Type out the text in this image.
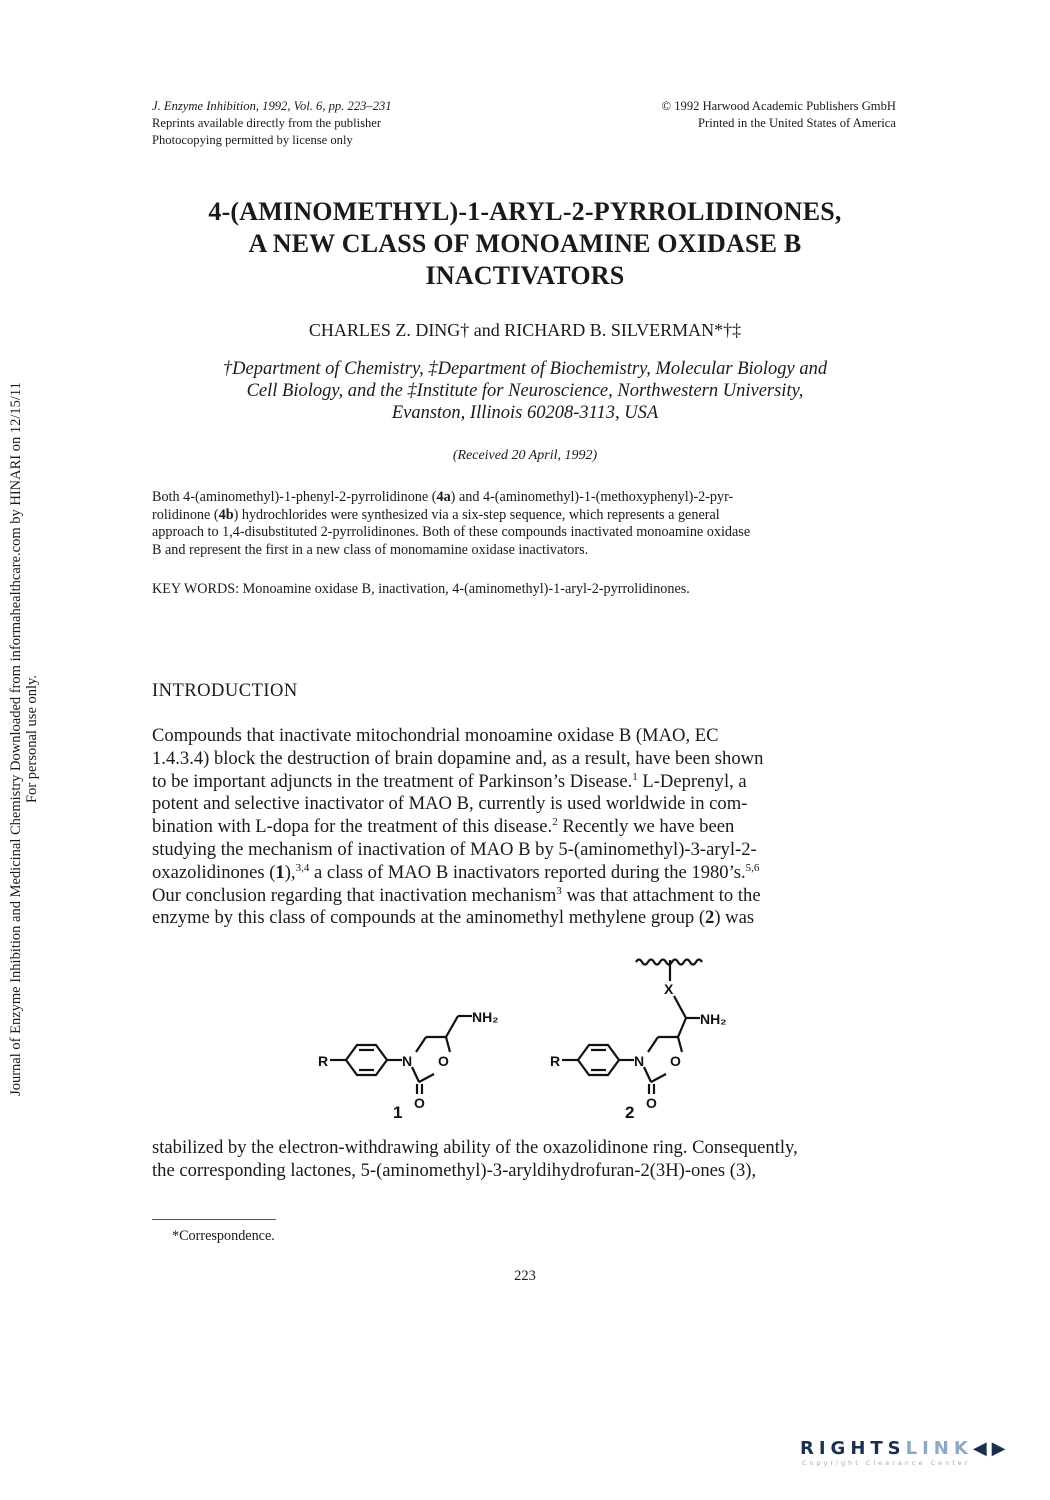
J. Enzyme Inhibition, 1992, Vol. 6, pp. 223–231
Reprints available directly from the publisher
Photocopying permitted by license only
© 1992 Harwood Academic Publishers GmbH
Printed in the United States of America
4-(AMINOMETHYL)-1-ARYL-2-PYRROLIDINONES,
A NEW CLASS OF MONOAMINE OXIDASE B
INACTIVATORS
CHARLES Z. DING† and RICHARD B. SILVERMAN*†‡
†Department of Chemistry, ‡Department of Biochemistry, Molecular Biology and
Cell Biology, and the ‡Institute for Neuroscience, Northwestern University,
Evanston, Illinois 60208-3113, USA
(Received 20 April, 1992)
Both 4-(aminomethyl)-1-phenyl-2-pyrrolidinone (4a) and 4-(aminomethyl)-1-(methoxyphenyl)-2-pyr-
rolidinone (4b) hydrochlorides were synthesized via a six-step sequence, which represents a general
approach to 1,4-disubstituted 2-pyrrolidinones. Both of these compounds inactivated monoamine oxidase
B and represent the first in a new class of monomamine oxidase inactivators.
KEY WORDS: Monoamine oxidase B, inactivation, 4-(aminomethyl)-1-aryl-2-pyrrolidinones.
INTRODUCTION
Compounds that inactivate mitochondrial monoamine oxidase B (MAO, EC
1.4.3.4) block the destruction of brain dopamine and, as a result, have been shown
to be important adjuncts in the treatment of Parkinson’s Disease.$^1$ L-Deprenyl, a
potent and selective inactivator of MAO B, currently is used worldwide in com-
bination with L-dopa for the treatment of this disease.$^2$ Recently we have been
studying the mechanism of inactivation of MAO B by 5-(aminomethyl)-3-aryl-2-
oxazolidinones (1),$^{3,4}$ a class of MAO B inactivators reported during the 1980’s.$^{5,6}$
Our conclusion regarding that inactivation mechanism$^3$ was that attachment to the
enzyme by this class of compounds at the aminomethyl methylene group (2) was
R	N O
O
NH₂
1
R	N O
O
X
NH₂
2
stabilized by the electron-withdrawing ability of the oxazolidinone ring. Consequently,
the corresponding lactones, 5-(aminomethyl)-3-aryldihydrofuran-2(3H)-ones (3),
*Correspondence.
223
Journal of Enzyme Inhibition and Medicinal Chemistry Downloaded from informahealthcare.com by HINARI on 12/15/11 For personal use only.
RIGHTSLINK◀▶
Copyright Clearance Center
